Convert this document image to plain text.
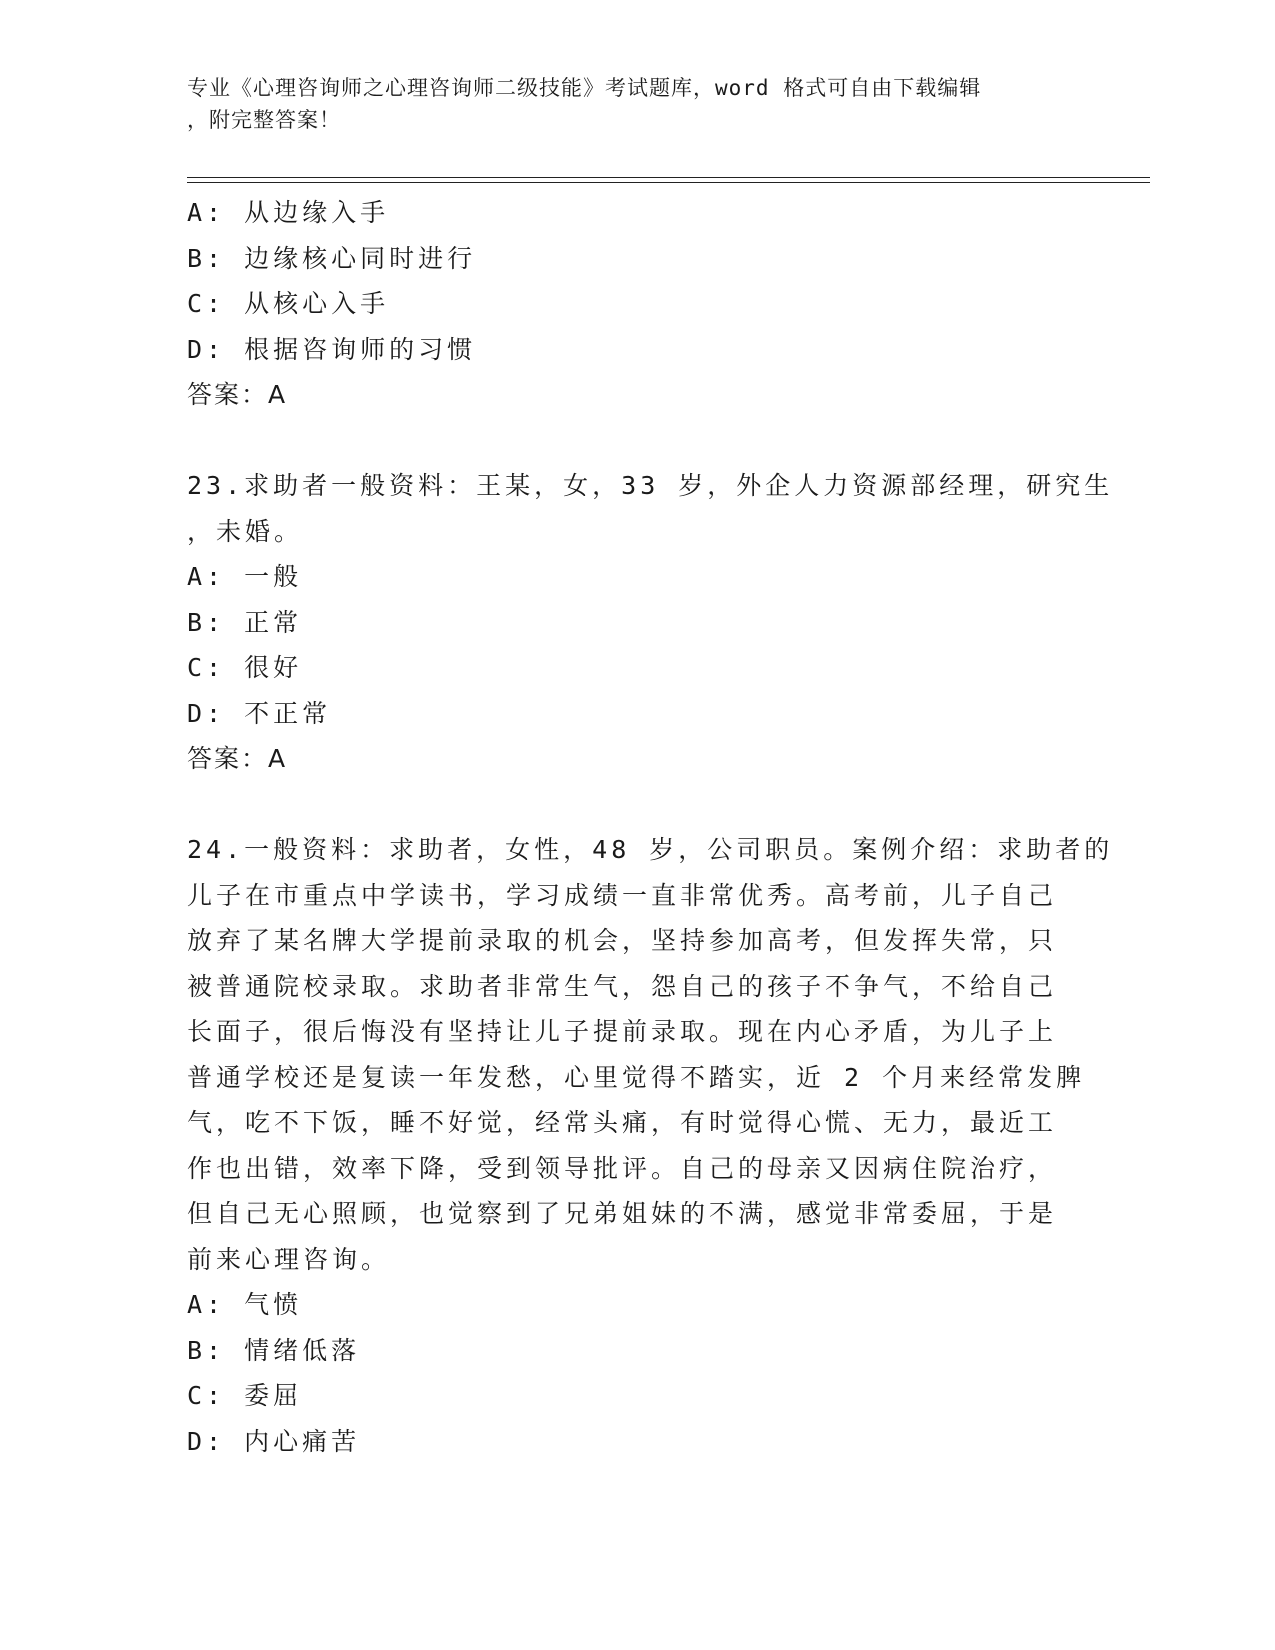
专业《心理咨询师之心理咨询师二级技能》考试题库，word 格式可自由下载编辑
，附完整答案！
A: 从边缘入手
B: 边缘核心同时进行
C: 从核心入手
D: 根据咨询师的习惯
答案：A
23.求助者一般资料：王某，女，33 岁，外企人力资源部经理，研究生
，未婚。
A: 一般
B: 正常
C: 很好
D: 不正常
答案：A
24.一般资料：求助者，女性，48 岁，公司职员。案例介绍：求助者的
儿子在市重点中学读书，学习成绩一直非常优秀。高考前，儿子自己
放弃了某名牌大学提前录取的机会，坚持参加高考，但发挥失常，只
被普通院校录取。求助者非常生气，怨自己的孩子不争气，不给自己
长面子，很后悔没有坚持让儿子提前录取。现在内心矛盾，为儿子上
普通学校还是复读一年发愁，心里觉得不踏实，近 2 个月来经常发脾
气，吃不下饭，睡不好觉，经常头痛，有时觉得心慌、无力，最近工
作也出错，效率下降，受到领导批评。自己的母亲又因病住院治疗，
但自己无心照顾，也觉察到了兄弟姐妹的不满，感觉非常委屈，于是
前来心理咨询。
A: 气愤
B: 情绪低落
C: 委屈
D: 内心痛苦
